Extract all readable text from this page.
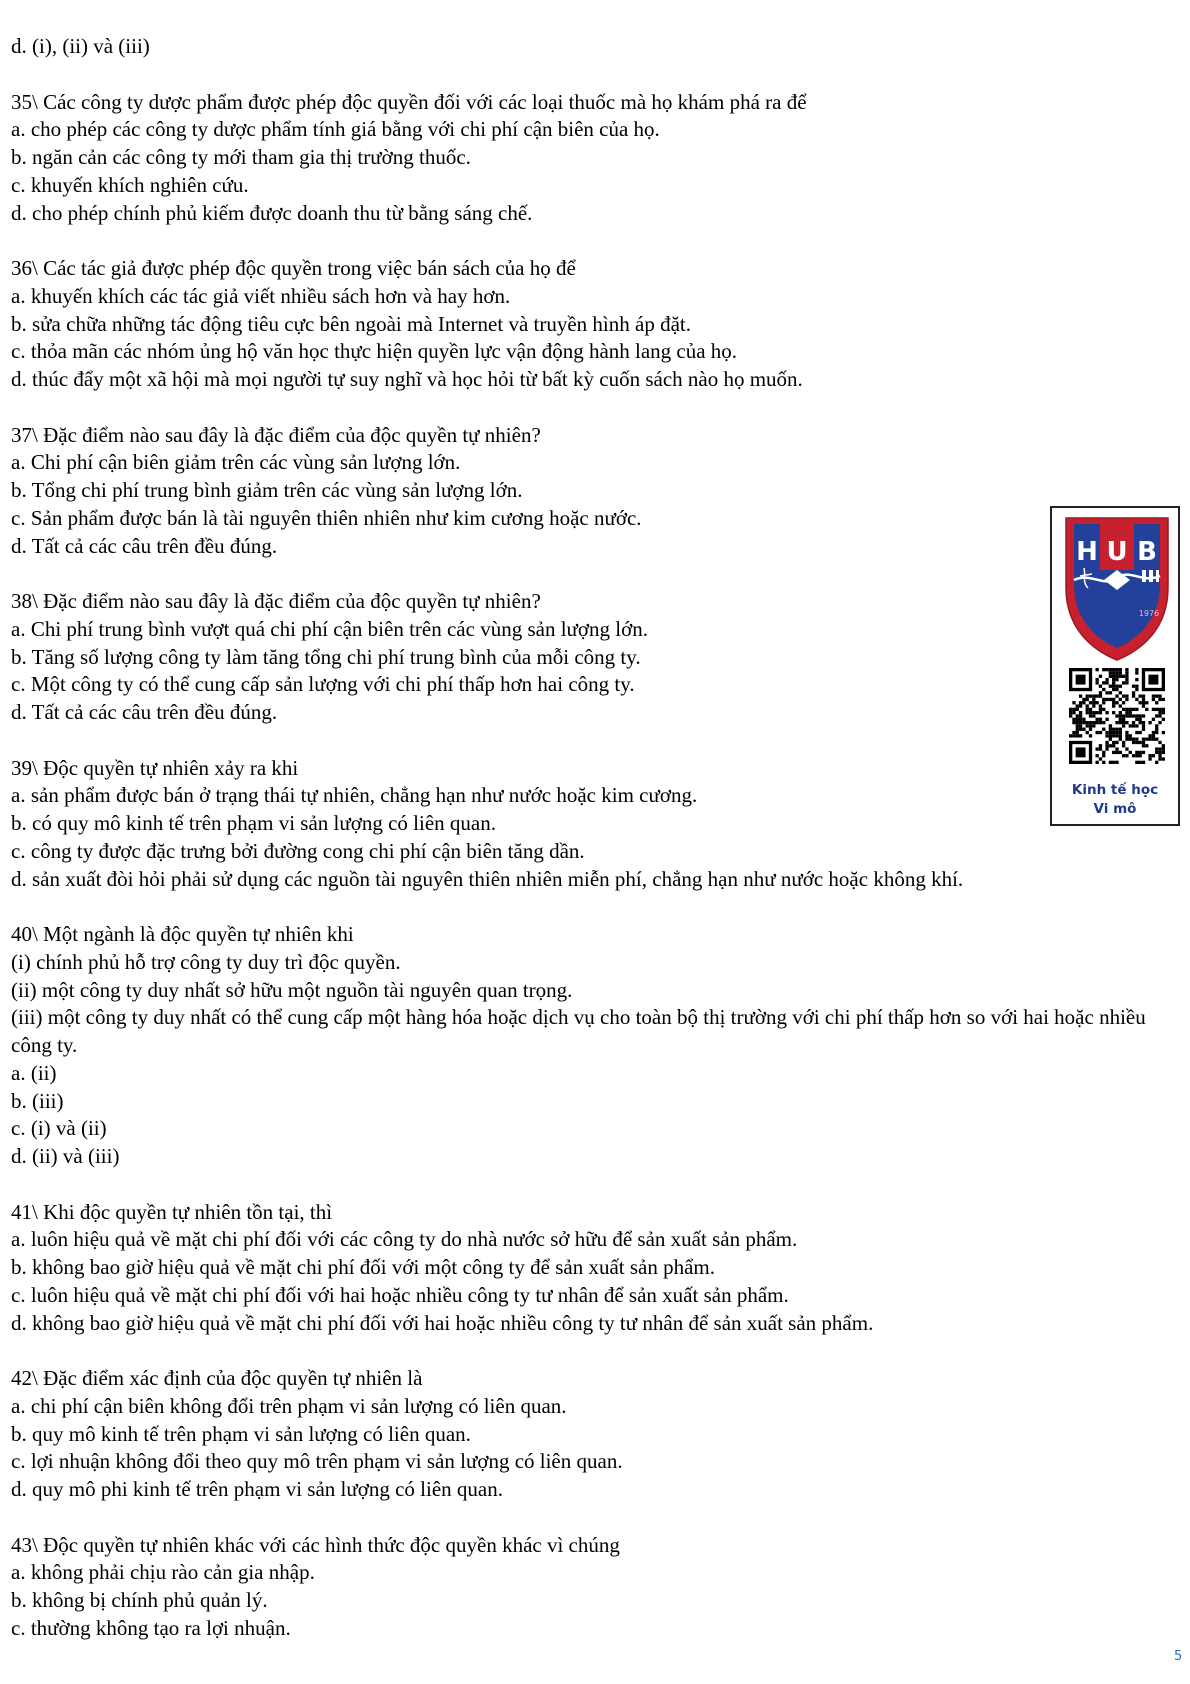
d. (i), (ii) và (iii)
35\ Các công ty dược phẩm được phép độc quyền đối với các loại thuốc mà họ khám phá ra để
a. cho phép các công ty dược phẩm tính giá bằng với chi phí cận biên của họ.
b. ngăn cản các công ty mới tham gia thị trường thuốc.
c. khuyến khích nghiên cứu.
d. cho phép chính phủ kiếm được doanh thu từ bằng sáng chế.
36\ Các tác giả được phép độc quyền trong việc bán sách của họ để
a. khuyến khích các tác giả viết nhiều sách hơn và hay hơn.
b. sửa chữa những tác động tiêu cực bên ngoài mà Internet và truyền hình áp đặt.
c. thỏa mãn các nhóm ủng hộ văn học thực hiện quyền lực vận động hành lang của họ.
d. thúc đẩy một xã hội mà mọi người tự suy nghĩ và học hỏi từ bất kỳ cuốn sách nào họ muốn.
37\ Đặc điểm nào sau đây là đặc điểm của độc quyền tự nhiên?
a. Chi phí cận biên giảm trên các vùng sản lượng lớn.
b. Tổng chi phí trung bình giảm trên các vùng sản lượng lớn.
c. Sản phẩm được bán là tài nguyên thiên nhiên như kim cương hoặc nước.
d. Tất cả các câu trên đều đúng.
38\ Đặc điểm nào sau đây là đặc điểm của độc quyền tự nhiên?
a. Chi phí trung bình vượt quá chi phí cận biên trên các vùng sản lượng lớn.
b. Tăng số lượng công ty làm tăng tổng chi phí trung bình của mỗi công ty.
c. Một công ty có thể cung cấp sản lượng với chi phí thấp hơn hai công ty.
d. Tất cả các câu trên đều đúng.
39\ Độc quyền tự nhiên xảy ra khi
a. sản phẩm được bán ở trạng thái tự nhiên, chẳng hạn như nước hoặc kim cương.
b. có quy mô kinh tế trên phạm vi sản lượng có liên quan.
c. công ty được đặc trưng bởi đường cong chi phí cận biên tăng dần.
d. sản xuất đòi hỏi phải sử dụng các nguồn tài nguyên thiên nhiên miễn phí, chẳng hạn như nước hoặc không khí.
40\ Một ngành là độc quyền tự nhiên khi
(i) chính phủ hỗ trợ công ty duy trì độc quyền.
(ii) một công ty duy nhất sở hữu một nguồn tài nguyên quan trọng.
(iii) một công ty duy nhất có thể cung cấp một hàng hóa hoặc dịch vụ cho toàn bộ thị trường với chi phí thấp hơn so với hai hoặc nhiều công ty.
a. (ii)
b. (iii)
c. (i) và (ii)
d. (ii) và (iii)
41\ Khi độc quyền tự nhiên tồn tại, thì
a. luôn hiệu quả về mặt chi phí đối với các công ty do nhà nước sở hữu để sản xuất sản phẩm.
b. không bao giờ hiệu quả về mặt chi phí đối với một công ty để sản xuất sản phẩm.
c. luôn hiệu quả về mặt chi phí đối với hai hoặc nhiều công ty tư nhân để sản xuất sản phẩm.
d. không bao giờ hiệu quả về mặt chi phí đối với hai hoặc nhiều công ty tư nhân để sản xuất sản phẩm.
42\ Đặc điểm xác định của độc quyền tự nhiên là
a. chi phí cận biên không đổi trên phạm vi sản lượng có liên quan.
b. quy mô kinh tế trên phạm vi sản lượng có liên quan.
c. lợi nhuận không đổi theo quy mô trên phạm vi sản lượng có liên quan.
d. quy mô phi kinh tế trên phạm vi sản lượng có liên quan.
43\ Độc quyền tự nhiên khác với các hình thức độc quyền khác vì chúng
a. không phải chịu rào cản gia nhập.
b. không bị chính phủ quản lý.
c. thường không tạo ra lợi nhuận.
H U B
1976
Kinh tế học
Vi mô
5
